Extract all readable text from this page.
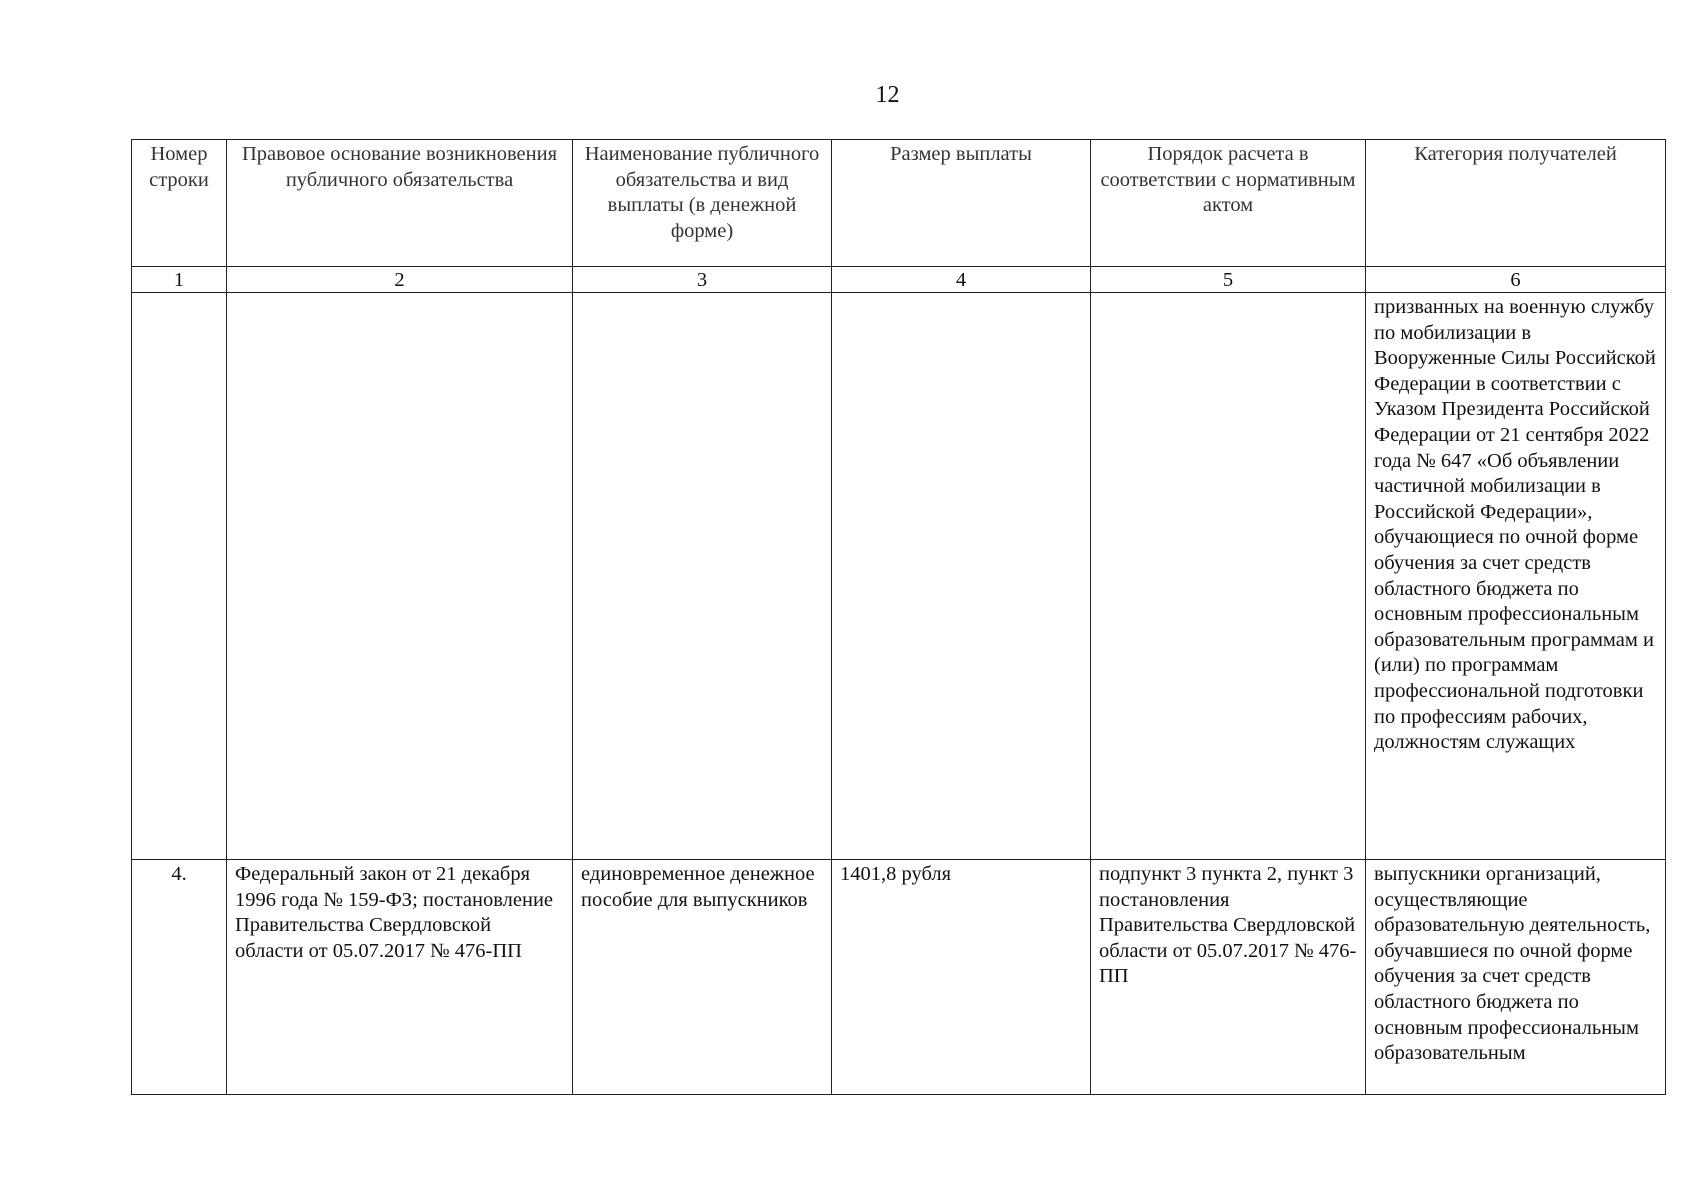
12
Номер строки	Правовое основание возникновения публичного обязательства	Наименование публичного обязательства и вид выплаты (в денежной форме)	Размер выплаты	Порядок расчета в соответствии с нормативным актом	Категория получателей
1	2	3	4	5	6
					призванных на военную службу по мобилизации в Вооруженные Силы Российской Федерации в соответствии с Указом Президента Российской Федерации от 21 сентября 2022 года № 647 «Об объявлении частичной мобилизации в Российской Федерации», обучающиеся по очной форме обучения за счет средств областного бюджета по основным профессиональным образовательным программам и (или) по программам профессиональной подготовки по профессиям рабочих, должностям служащих
4.	Федеральный закон от 21 декабря 1996 года № 159-ФЗ; постановление Правительства Свердловской области от 05.07.2017 № 476-ПП	единовременное денежное пособие для выпускников	1401,8 рубля	подпункт 3 пункта 2, пункт 3 постановления Правительства Свердловской области от 05.07.2017 № 476-ПП	выпускники организаций, осуществляющие образовательную деятельность, обучавшиеся по очной форме обучения за счет средств областного бюджета по основным профессиональным образовательным
